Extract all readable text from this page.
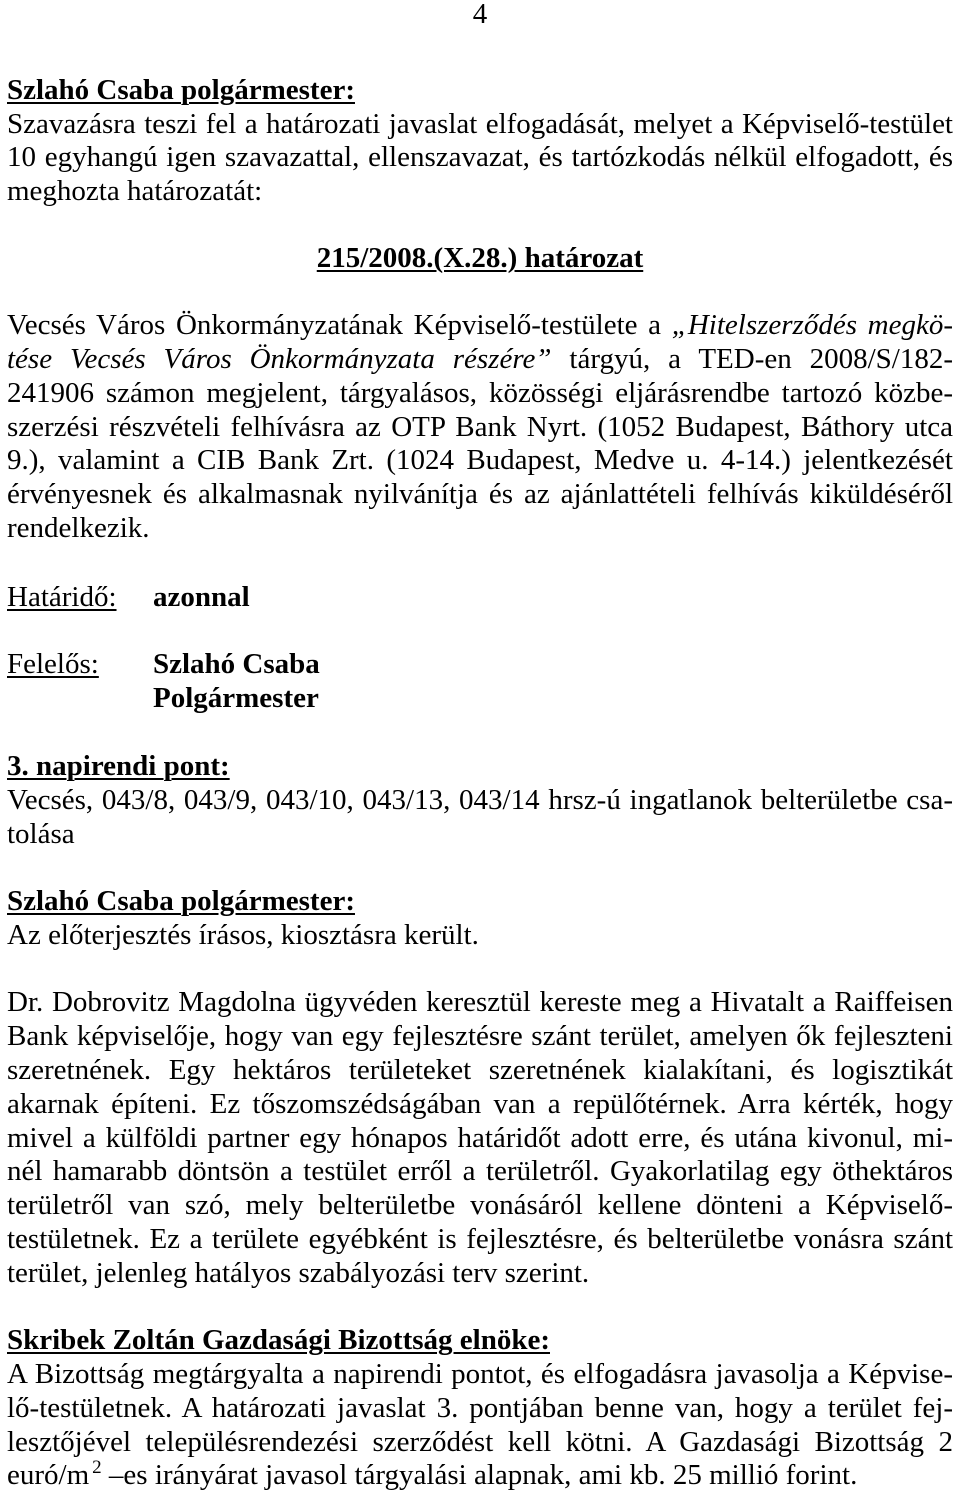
4
Szlahó Csaba polgármester:
Szavazásra teszi fel a határozati javaslat elfogadását, melyet a Képviselő-testület
10 egyhangú igen szavazattal, ellenszavazat, és tartózkodás nélkül elfogadott, és
meghozta határozatát:
215/2008.(X.28.) határozat
Vecsés Város Önkormányzatának Képviselő-testülete a „Hitelszerződés megkö-
tése Vecsés Város Önkormányzata részére” tárgyú, a TED-en 2008/S/182-
241906 számon megjelent, tárgyalásos, közösségi eljárásrendbe tartozó közbe-
szerzési részvételi felhívásra az OTP Bank Nyrt. (1052 Budapest, Báthory utca
9.), valamint a CIB Bank Zrt. (1024 Budapest, Medve u. 4-14.) jelentkezését
érvényesnek és alkalmasnak nyilvánítja és az ajánlattételi felhívás kiküldéséről
rendelkezik.
Határidő: azonnal
Felelős: Szlahó Csaba
Polgármester
3. napirendi pont:
Vecsés, 043/8, 043/9, 043/10, 043/13, 043/14 hrsz-ú ingatlanok belterületbe csa-
tolása
Szlahó Csaba polgármester:
Az előterjesztés írásos, kiosztásra került.
Dr. Dobrovitz Magdolna ügyvéden keresztül kereste meg a Hivatalt a Raiffeisen
Bank képviselője, hogy van egy fejlesztésre szánt terület, amelyen ők fejleszteni
szeretnének. Egy hektáros területeket szeretnének kialakítani, és logisztikát
akarnak építeni. Ez tőszomszédságában van a repülőtérnek. Arra kérték, hogy
mivel a külföldi partner egy hónapos határidőt adott erre, és utána kivonul, mi-
nél hamarabb döntsön a testület erről a területről. Gyakorlatilag egy öthektáros
területről van szó, mely belterületbe vonásáról kellene dönteni a Képviselő-
testületnek. Ez a területe egyébként is fejlesztésre, és belterületbe vonásra szánt
terület, jelenleg hatályos szabályozási terv szerint.
Skribek Zoltán Gazdasági Bizottság elnöke:
A Bizottság megtárgyalta a napirendi pontot, és elfogadásra javasolja a Képvise-
lő-testületnek. A határozati javaslat 3. pontjában benne van, hogy a terület fej-
lesztőjével településrendezési szerződést kell kötni. A Gazdasági Bizottság 2
euró/m $^2$ –es irányárat javasol tárgyalási alapnak, ami kb. 25 millió forint.
